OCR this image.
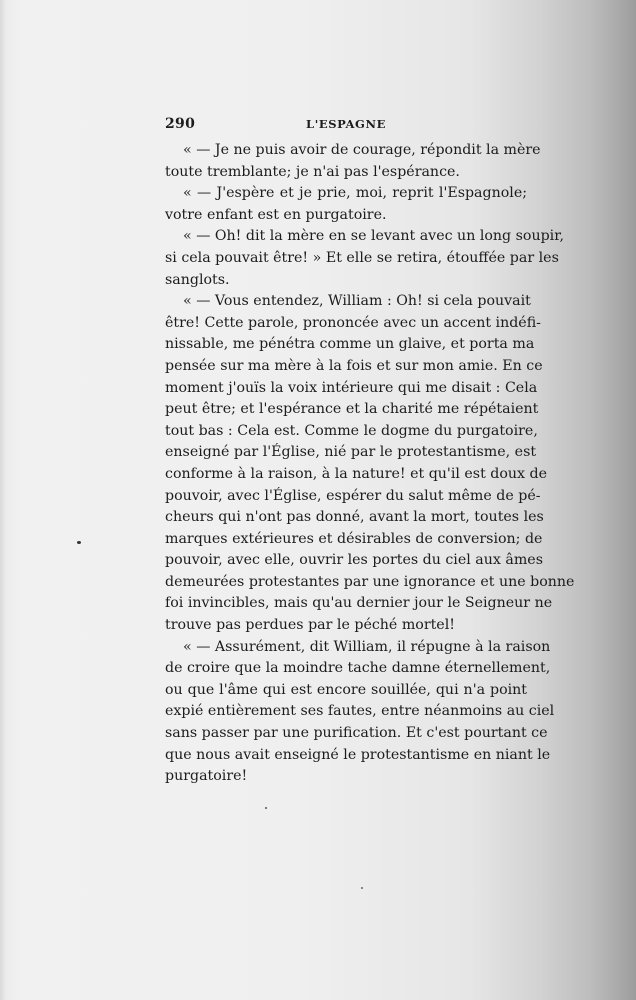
290	L'ESPAGNE
« — Je ne puis avoir de courage, répondit la mère
toute tremblante; je n'ai pas l'espérance.
« — J'espère et je prie, moi, reprit l'Espagnole;
votre enfant est en purgatoire.
« — Oh! dit la mère en se levant avec un long soupir,
si cela pouvait être! » Et elle se retira, étouffée par les
sanglots.
« — Vous entendez, William : Oh! si cela pouvait
être! Cette parole, prononcée avec un accent indéfi-
nissable, me pénétra comme un glaive, et porta ma
pensée sur ma mère à la fois et sur mon amie. En ce
moment j'ouïs la voix intérieure qui me disait : Cela
peut être; et l'espérance et la charité me répétaient
tout bas : Cela est. Comme le dogme du purgatoire,
enseigné par l'Église, nié par le protestantisme, est
conforme à la raison, à la nature! et qu'il est doux de
pouvoir, avec l'Église, espérer du salut même de pé-
cheurs qui n'ont pas donné, avant la mort, toutes les
marques extérieures et désirables de conversion; de
pouvoir, avec elle, ouvrir les portes du ciel aux âmes
demeurées protestantes par une ignorance et une bonne
foi invincibles, mais qu'au dernier jour le Seigneur ne
trouve pas perdues par le péché mortel!
« — Assurément, dit William, il répugne à la raison
de croire que la moindre tache damne éternellement,
ou que l'âme qui est encore souillée, qui n'a point
expié entièrement ses fautes, entre néanmoins au ciel
sans passer par une purification. Et c'est pourtant ce
que nous avait enseigné le protestantisme en niant le
purgatoire!
